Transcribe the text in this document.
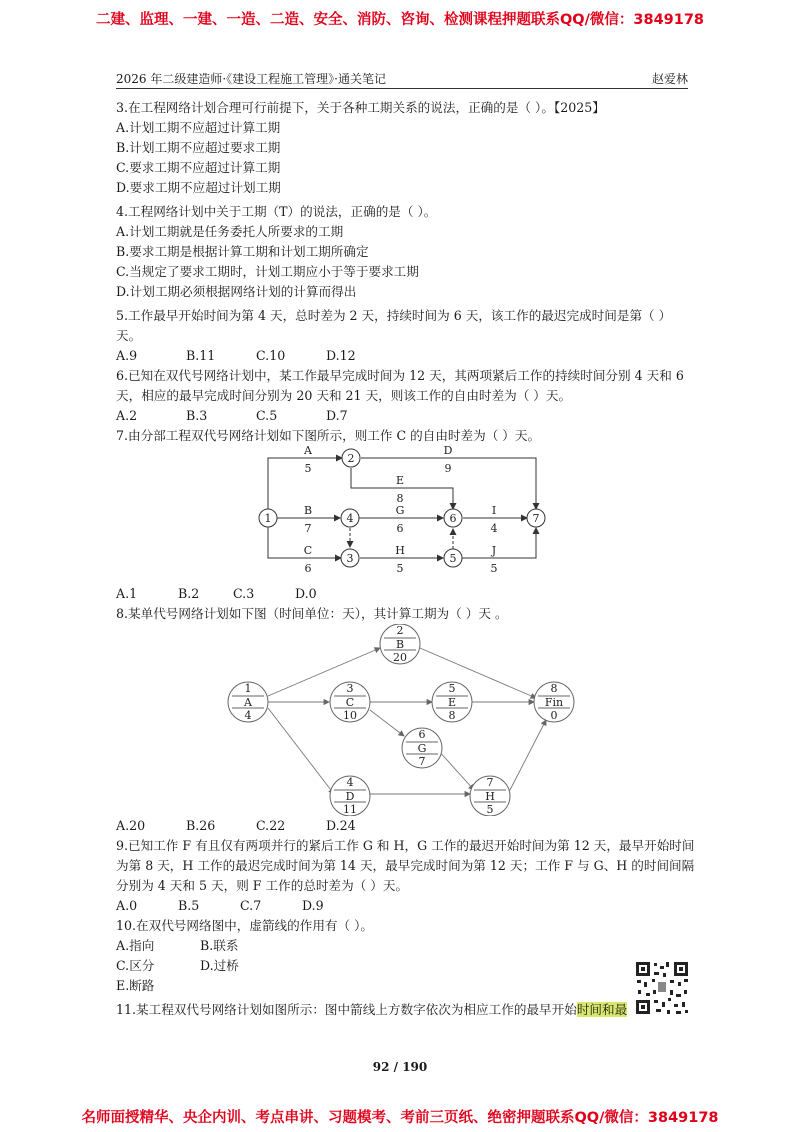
二建、监理、一建、一造、二造、安全、消防、咨询、检测课程押题联系QQ/微信：3849178
2026 年二级建造师·《建设工程施工管理》·通关笔记	赵爱林

3.在工程网络计划合理可行前提下，关于各种工期关系的说法，正确的是（ ）。【2025】

A.计划工期不应超过计算工期

B.计划工期不应超过要求工期

C.要求工期不应超过计算工期

D.要求工期不应超过计划工期

4.工程网络计划中关于工期（T）的说法，正确的是（ ）。

A.计划工期就是任务委托人所要求的工期

B.要求工期是根据计算工期和计划工期所确定

C.当规定了要求工期时，计划工期应小于等于要求工期

D.计划工期必须根据网络计划的计算而得出

5.工作最早开始时间为第 4 天，总时差为 2 天，持续时间为 6 天，该工作的最迟完成时间是第（ ）天。

A.9	B.11	C.10	D.12

6.已知在双代号网络计划中，某工作最早完成时间为 12 天，其两项紧后工作的持续时间分别 4 天和 6 天，相应的最早完成时间分别为 20 天和 21 天，则该工作的自由时差为（ ）天。

A.2	B.3	C.5	D.7

7.由分部工程双代号网络计划如下图所示，则工作 C 的自由时差为（ ）天。

1
2
3
4
5
6	7
A
5
D
9
E
8
B
7
G
6
I
4
C
6
H
5
J
5
A.1	B.2	C.3	D.0

8.某单代号网络计划如下图（时间单位：天），其计算工期为（ ）天 。

1
A
4
2
B
20
3
C
10
4
D
11
5
E
8
6
G
7
7
H
5
8
Fin
0
A.20	B.26	C.22	D.24

9.已知工作 F 有且仅有两项并行的紧后工作 G 和 H，G 工作的最迟开始时间为第 12 天，最早开始时间为第 8 天，H 工作的最迟完成时间为第 14 天，最早完成时间为第 12 天；工作 F 与 G、H 的时间间隔分别为 4 天和 5 天，则 F 工作的总时差为（ ）天。

A.0	B.5	C.7	D.9

10.在双代号网络图中，虚箭线的作用有（ ）。

A.指向	B.联系
C.区分	D.过桥

E.断路

11.某工程双代号网络计划如图所示：图中箭线上方数字依次为相应工作的最早开始时间和最

92 / 190
名师面授精华、央企内训、考点串讲、习题模考、考前三页纸、绝密押题联系QQ/微信：3849178
